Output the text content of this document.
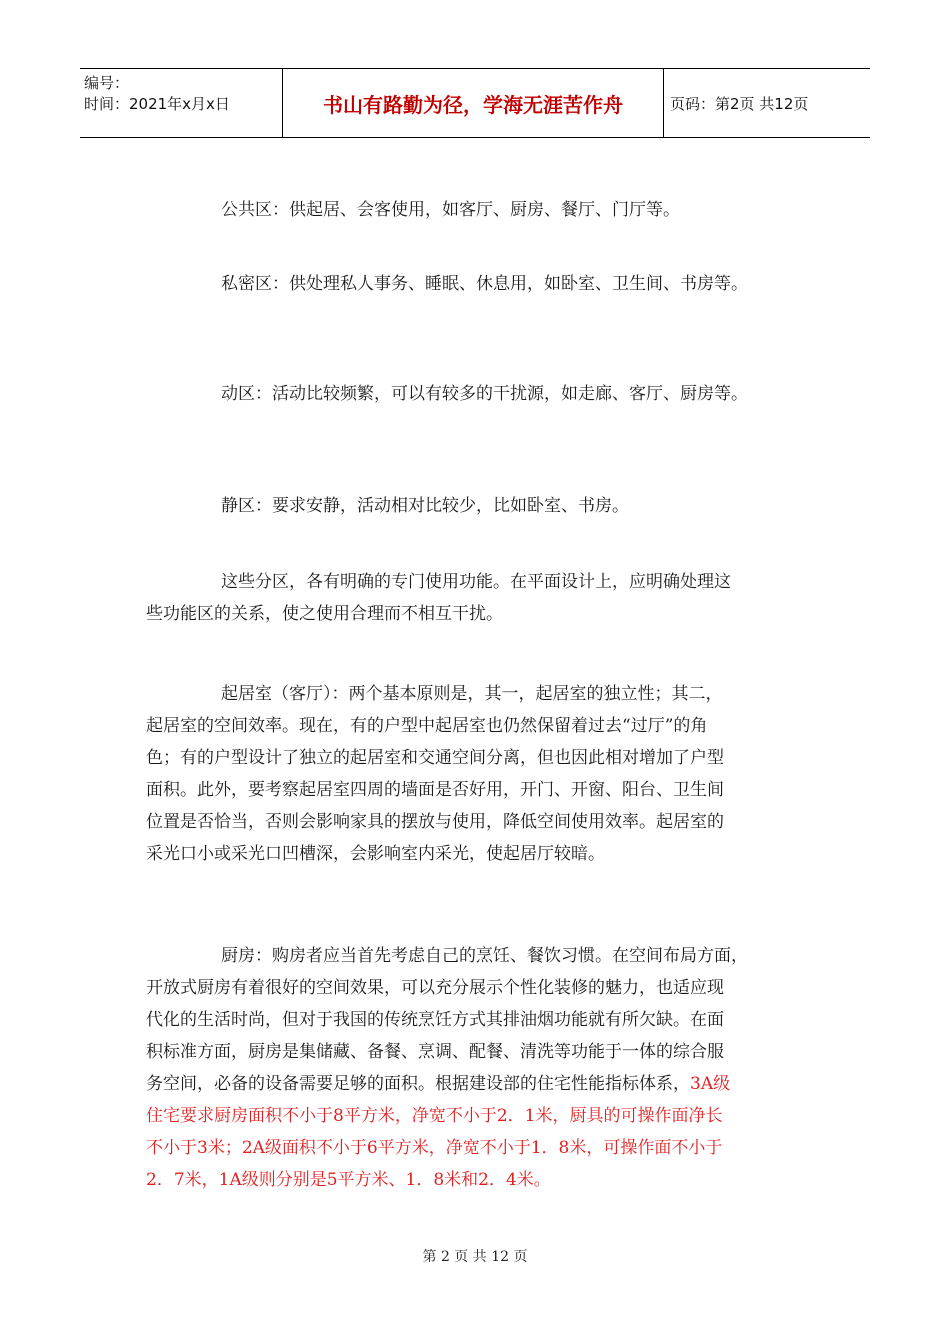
编号：
时间：2021年x月x日	书山有路勤为径，学海无涯苦作舟	页码：第2页 共12页
公共区：供起居、会客使用，如客厅、厨房、餐厅、门厅等。
私密区：供处理私人事务、睡眠、休息用，如卧室、卫生间、书房等。
动区：活动比较频繁，可以有较多的干扰源，如走廊、客厅、厨房等。
静区：要求安静，活动相对比较少，比如卧室、书房。
这些分区，各有明确的专门使用功能。在平面设计上，应明确处理这
些功能区的关系，使之使用合理而不相互干扰。
起居室（客厅）：两个基本原则是，其一，起居室的独立性；其二，
起居室的空间效率。现在，有的户型中起居室也仍然保留着过去“过厅”的角
色；有的户型设计了独立的起居室和交通空间分离，但也因此相对增加了户型
面积。此外，要考察起居室四周的墙面是否好用，开门、开窗、阳台、卫生间
位置是否恰当，否则会影响家具的摆放与使用，降低空间使用效率。起居室的
采光口小或采光口凹槽深，会影响室内采光，使起居厅较暗。
厨房：购房者应当首先考虑自己的烹饪、餐饮习惯。在空间布局方面，
开放式厨房有着很好的空间效果，可以充分展示个性化装修的魅力，也适应现
代化的生活时尚，但对于我国的传统烹饪方式其排油烟功能就有所欠缺。在面
积标准方面，厨房是集储藏、备餐、烹调、配餐、清洗等功能于一体的综合服
务空间，必备的设备需要足够的面积。根据建设部的住宅性能指标体系，3A级
住宅要求厨房面积不小于8平方米，净宽不小于2．1米，厨具的可操作面净长
不小于3米；2A级面积不小于6平方米，净宽不小于1．8米，可操作面不小于
2．7米，1A级则分别是5平方米、1．8米和2．4米。
第 2 页 共 12 页
